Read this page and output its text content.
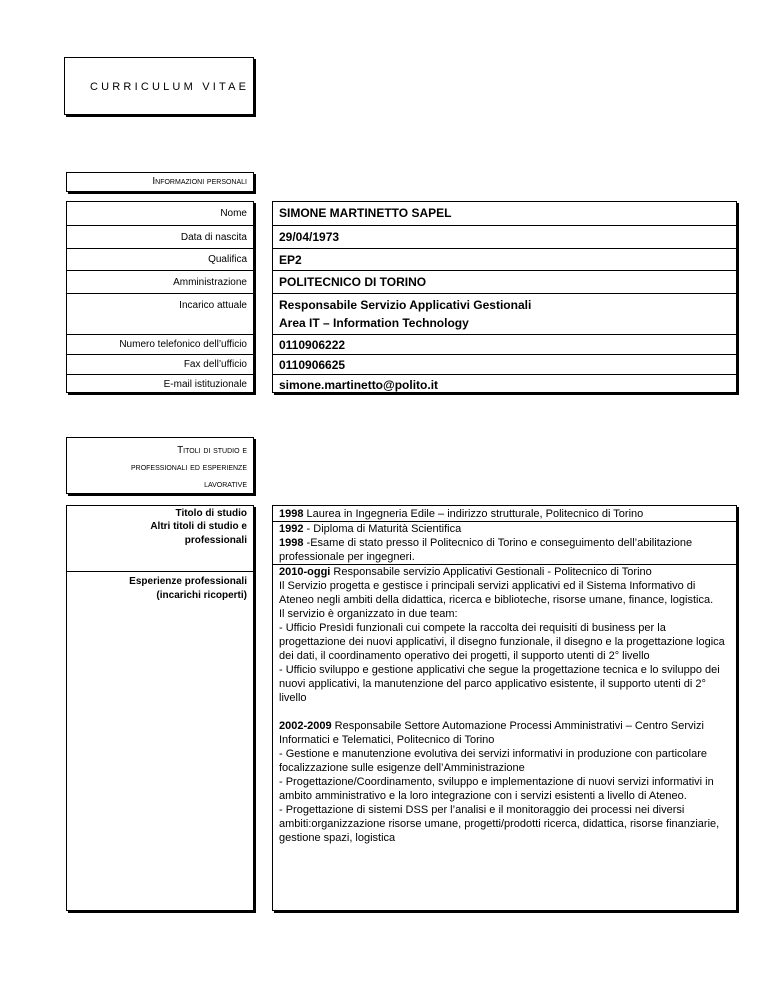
CURRICULUM VITAE
Informazioni personali
Nome
Data di nascita
Qualifica
Amministrazione
Incarico attuale
Numero telefonico dell’ufficio
Fax dell’ufficio
E-mail istituzionale
SIMONE MARTINETTO SAPEL
29/04/1973
EP2
POLITECNICO DI TORINO
Responsabile Servizio Applicativi Gestionali
Area IT – Information Technology
0110906222
0110906625
simone.martinetto@polito.it
Titoli di studio e
professionali ed esperienze
lavorative
Titolo di studio
Altri titoli di studio e
professionali
Esperienze professionali
(incarichi ricoperti)

1998 Laurea in Ingegneria Edile – indirizzo strutturale, Politecnico di Torino

1992 - Diploma di Maturità Scientifica

1998 -Esame di stato presso il Politecnico di Torino e conseguimento dell’abilitazione professionale per ingegneri.

2010-oggi Responsabile servizio Applicativi Gestionali - Politecnico di Torino

Il Servizio progetta e gestisce i principali servizi applicativi ed il Sistema Informativo di Ateneo negli ambiti della didattica, ricerca e biblioteche, risorse umane, finance, logistica.

Il servizio è organizzato in due team:

- Ufficio Presìdi funzionali cui compete la raccolta dei requisiti di business per la progettazione dei nuovi applicativi, il disegno funzionale, il disegno e la progettazione logica dei dati, il coordinamento operativo dei progetti, il supporto utenti di 2° livello

- Ufficio sviluppo e gestione applicativi che segue la progettazione tecnica e lo sviluppo dei nuovi applicativi, la manutenzione del parco applicativo esistente, il supporto utenti di 2° livello

2002-2009 Responsabile Settore Automazione Processi Amministrativi – Centro Servizi Informatici e Telematici, Politecnico di Torino

- Gestione e manutenzione evolutiva dei servizi informativi in produzione con particolare focalizzazione sulle esigenze dell’Amministrazione

- Progettazione/Coordinamento, sviluppo e implementazione di nuovi servizi informativi in ambito amministrativo e la loro integrazione con i servizi esistenti a livello di Ateneo.

- Progettazione di sistemi DSS per l’analisi e il monitoraggio dei processi nei diversi ambiti:organizzazione risorse umane, progetti/prodotti ricerca, didattica, risorse finanziarie, gestione spazi, logistica
